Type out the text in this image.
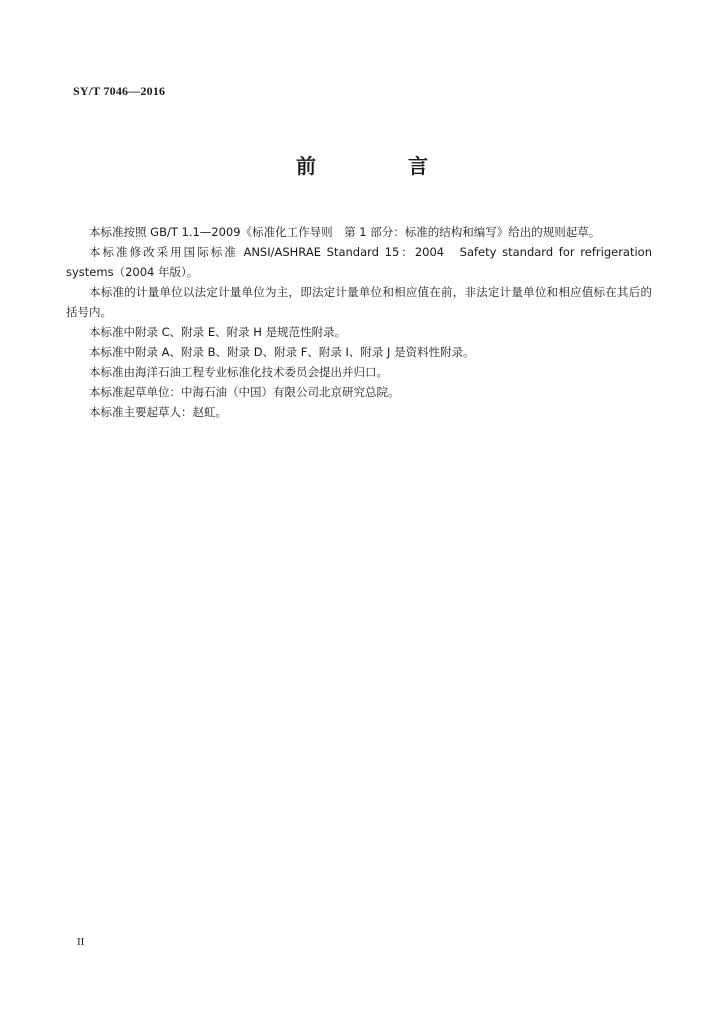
SY/T 7046—2016
前　言

本标准按照 GB/T 1.1—2009《标准化工作导则　第 1 部分：标准的结构和编写》给出的规则起草。

本标准修改采用国际标准 ANSI/ASHRAE Standard 15：2004　Safety standard for refrigeration systems（2004 年版）。

本标准的计量单位以法定计量单位为主，即法定计量单位和相应值在前，非法定计量单位和相应值标在其后的括号内。

本标准中附录 C、附录 E、附录 H 是规范性附录。

本标准中附录 A、附录 B、附录 D、附录 F、附录 I、附录 J 是资料性附录。

本标准由海洋石油工程专业标准化技术委员会提出并归口。

本标准起草单位：中海石油（中国）有限公司北京研究总院。

本标准主要起草人：赵虹。

II
